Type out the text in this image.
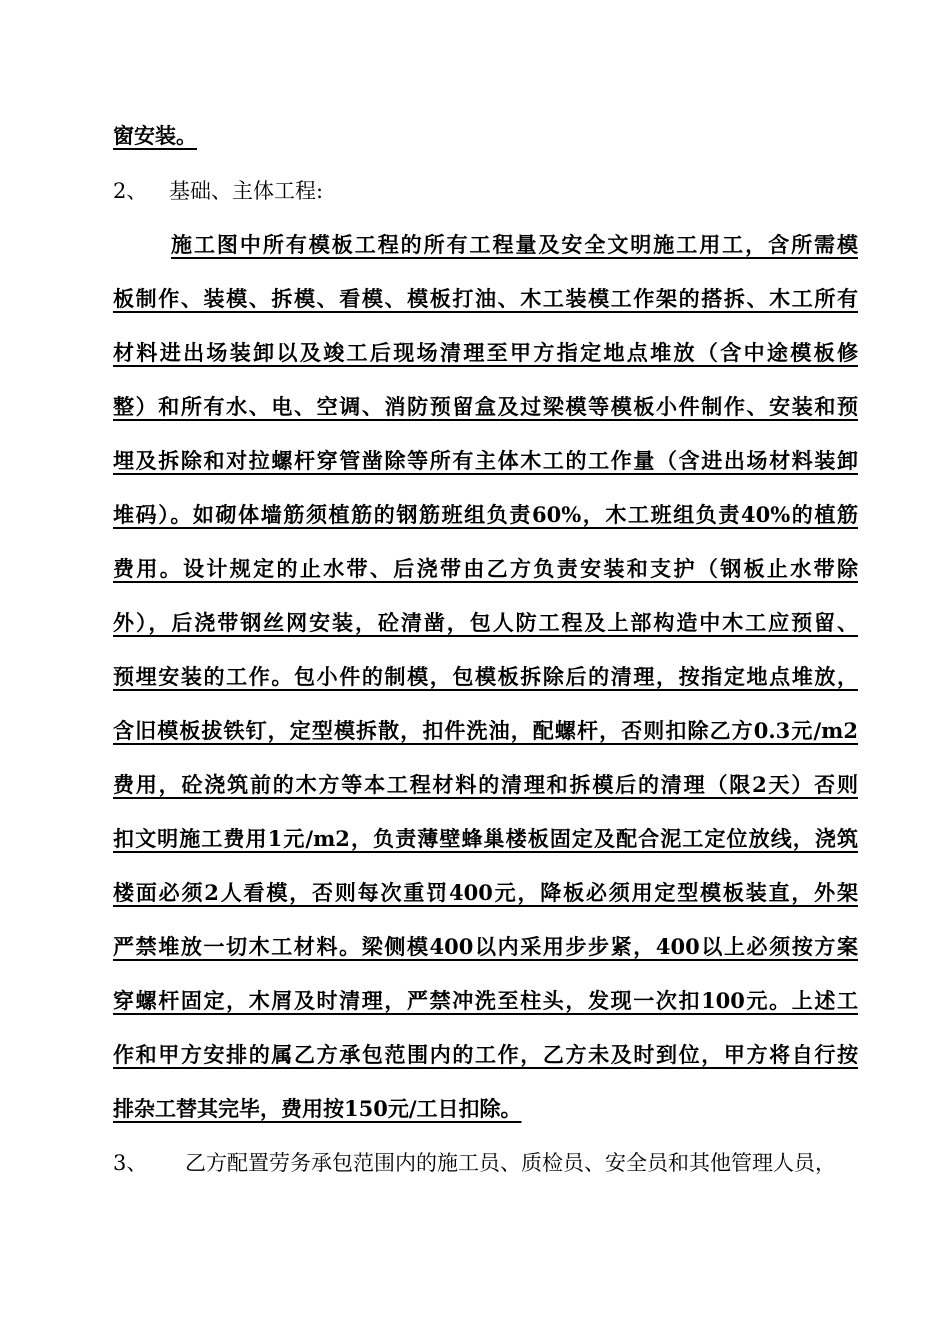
窗安装。
2、 基础、主体工程:
施工图中所有模板工程的所有工程量及安全文明施工用工，含所需模
板制作、装模、拆模、看模、模板打油、木工装模工作架的搭拆、木工所有
材料进出场装卸以及竣工后现场清理至甲方指定地点堆放（含中途模板修
整）和所有水、电、空调、消防预留盒及过梁模等模板小件制作、安装和预
埋及拆除和对拉螺杆穿管凿除等所有主体木工的工作量（含进出场材料装卸
堆码）。如砌体墙筋须植筋的钢筋班组负责60%，木工班组负责40%的植筋
费用。设计规定的止水带、后浇带由乙方负责安装和支护（钢板止水带除
外），后浇带钢丝网安装，砼清凿，包人防工程及上部构造中木工应预留、
预埋安装的工作。包小件的制模，包模板拆除后的清理，按指定地点堆放，
含旧模板拔铁钉，定型模拆散，扣件洗油，配螺杆，否则扣除乙方0.3元/m2
费用，砼浇筑前的木方等本工程材料的清理和拆模后的清理（限2天）否则
扣文明施工费用1元/m2，负责薄壁蜂巢楼板固定及配合泥工定位放线，浇筑
楼面必须2人看模，否则每次重罚400元，降板必须用定型模板装直，外架
严禁堆放一切木工材料。梁侧模400以内采用步步紧，400以上必须按方案
穿螺杆固定，木屑及时清理，严禁冲洗至柱头，发现一次扣100元。上述工
作和甲方安排的属乙方承包范围内的工作，乙方未及时到位，甲方将自行按
排杂工替其完毕，费用按150元/工日扣除。
3、 乙方配置劳务承包范围内的施工员、质检员、安全员和其他管理人员，
